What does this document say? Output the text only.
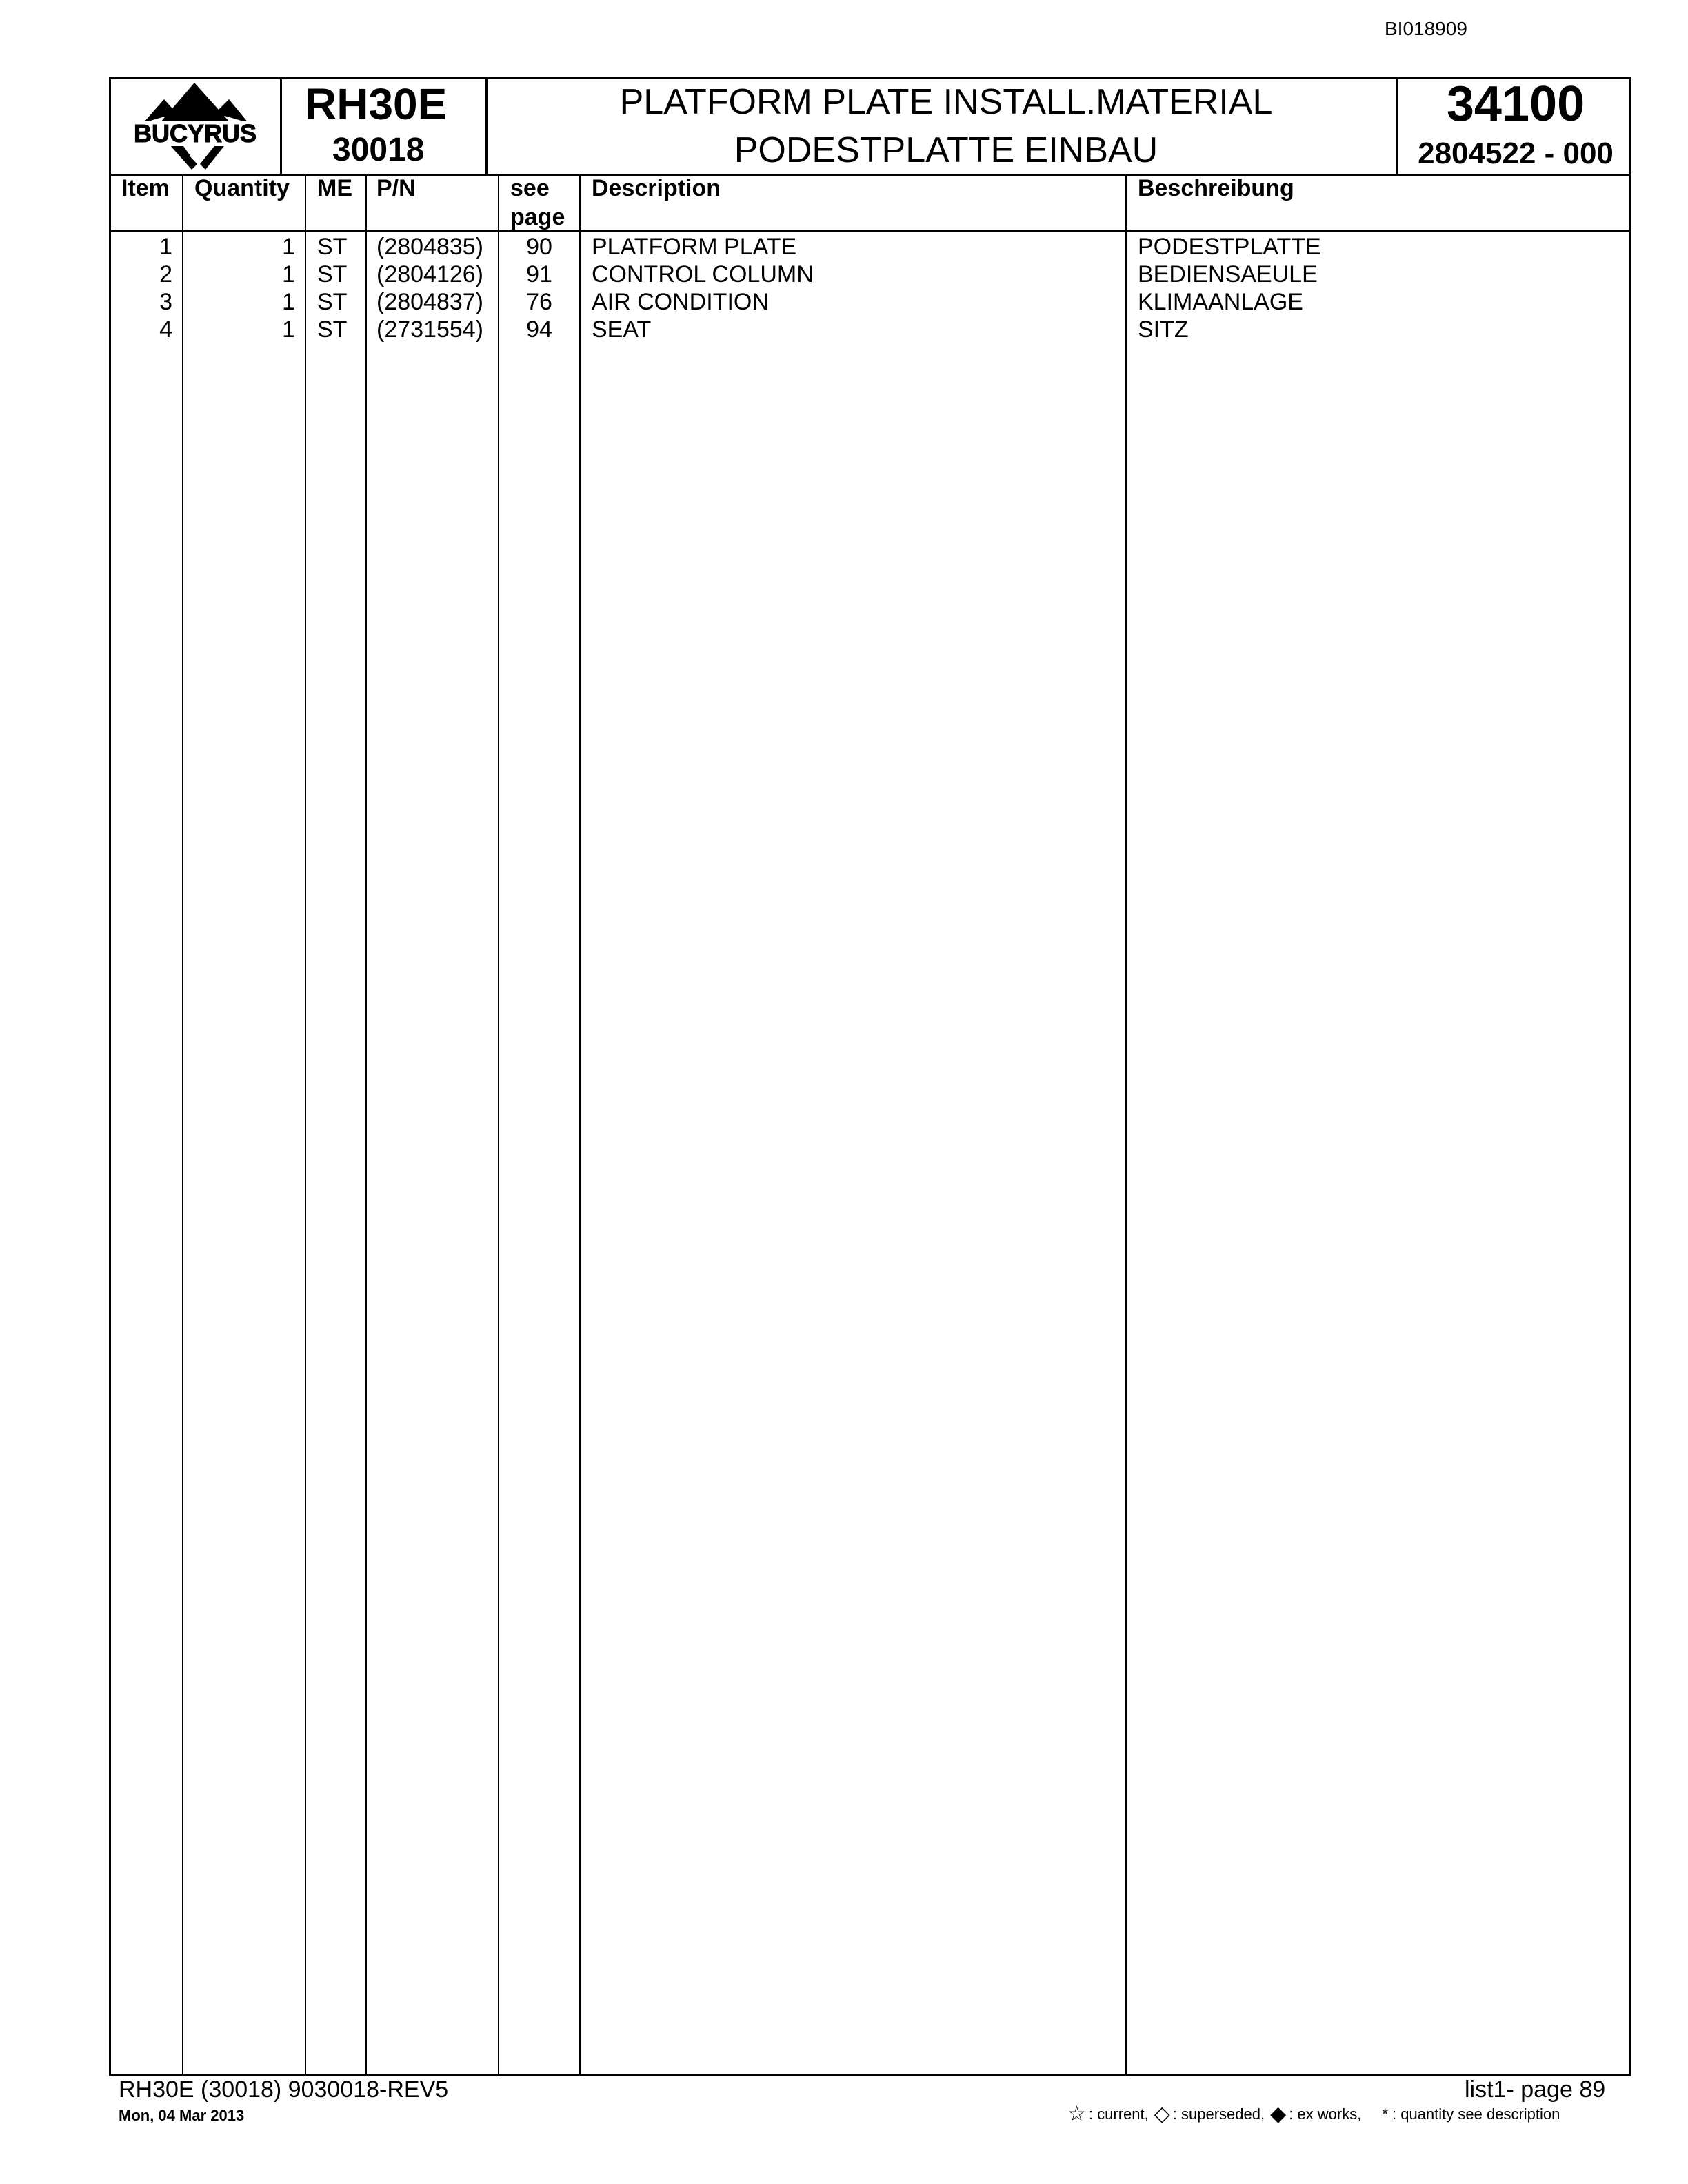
BI018909
BUCYRUS
RH30E
30018
PLATFORM PLATE INSTALL.MATERIAL
PODESTPLATTE EINBAU
34100
2804522 - 000
Item Quantity ME P/N	see
page
Description	Beschreibung
1	1 ST (2804835)	90	PLATFORM PLATE	PODESTPLATTE
2	1 ST (2804126)	91	CONTROL COLUMN	BEDIENSAEULE
3	1 ST (2804837)	76	AIR CONDITION	KLIMAANLAGE
4	1 ST (2731554)	94	SEAT	SITZ
RH30E (30018) 9030018-REV5
Mon, 04 Mar 2013
list1- page 89
☆ : current, ◇ : superseded, ◆ : ex works, * : quantity see description
